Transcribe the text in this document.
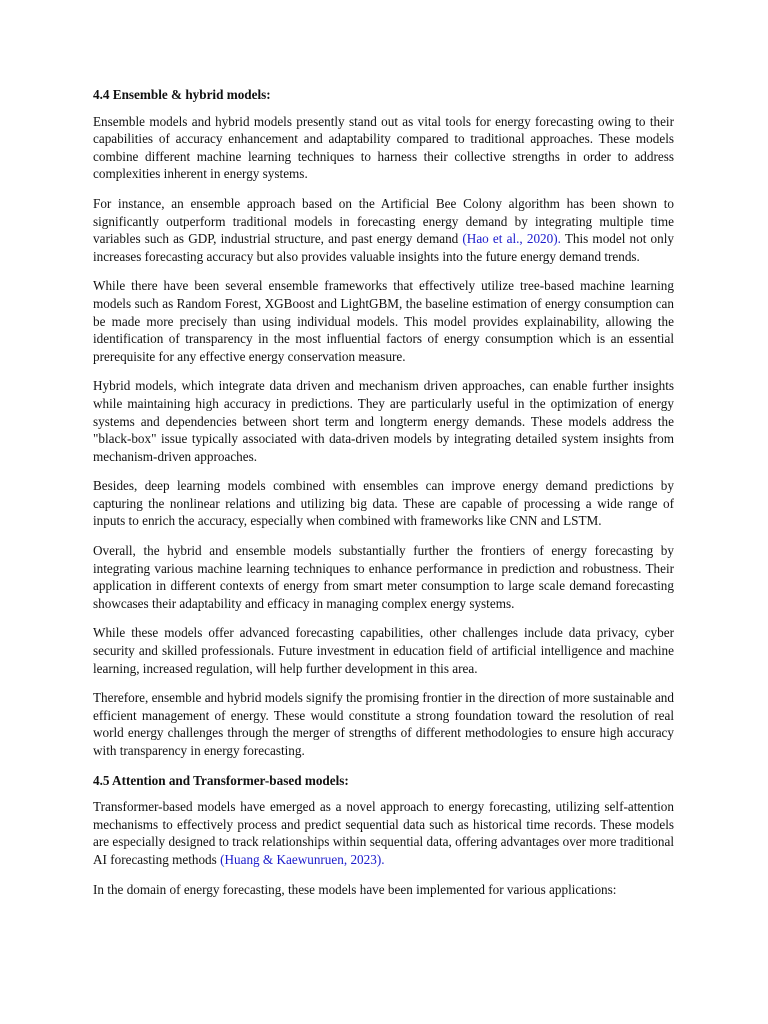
4.4 Ensemble & hybrid models:

Ensemble models and hybrid models presently stand out as vital tools for energy forecasting owing to their capabilities of accuracy enhancement and adaptability compared to traditional approaches. These models combine different machine learning techniques to harness their collective strengths in order to address complexities inherent in energy systems.

For instance, an ensemble approach based on the Artificial Bee Colony algorithm has been shown to significantly outperform traditional models in forecasting energy demand by integrating multiple time variables such as GDP, industrial structure, and past energy demand (Hao et al., 2020). This model not only increases forecasting accuracy but also provides valuable insights into the future energy demand trends.

While there have been several ensemble frameworks that effectively utilize tree-based machine learning models such as Random Forest, XGBoost and LightGBM, the baseline estimation of energy consumption can be made more precisely than using individual models. This model provides explainability, allowing the identification of transparency in the most influential factors of energy consumption which is an essential prerequisite for any effective energy conservation measure.

Hybrid models, which integrate data driven and mechanism driven approaches, can enable further insights while maintaining high accuracy in predictions. They are particularly useful in the optimization of energy systems and dependencies between short term and longterm energy demands. These models address the "black-box" issue typically associated with data-driven models by integrating detailed system insights from mechanism-driven approaches.

Besides, deep learning models combined with ensembles can improve energy demand predictions by capturing the nonlinear relations and utilizing big data. These are capable of processing a wide range of inputs to enrich the accuracy, especially when combined with frameworks like CNN and LSTM.

Overall, the hybrid and ensemble models substantially further the frontiers of energy forecasting by integrating various machine learning techniques to enhance performance in prediction and robustness. Their application in different contexts of energy from smart meter consumption to large scale demand forecasting showcases their adaptability and efficacy in managing complex energy systems.

While these models offer advanced forecasting capabilities, other challenges include data privacy, cyber security and skilled professionals. Future investment in education field of artificial intelligence and machine learning, increased regulation, will help further development in this area.

Therefore, ensemble and hybrid models signify the promising frontier in the direction of more sustainable and efficient management of energy. These would constitute a strong foundation toward the resolution of real world energy challenges through the merger of strengths of different methodologies to ensure high accuracy with transparency in energy forecasting.

4.5 Attention and Transformer-based models:

Transformer-based models have emerged as a novel approach to energy forecasting, utilizing self-attention mechanisms to effectively process and predict sequential data such as historical time records. These models are especially designed to track relationships within sequential data, offering advantages over more traditional AI forecasting methods (Huang & Kaewunruen, 2023).

In the domain of energy forecasting, these models have been implemented for various applications:
